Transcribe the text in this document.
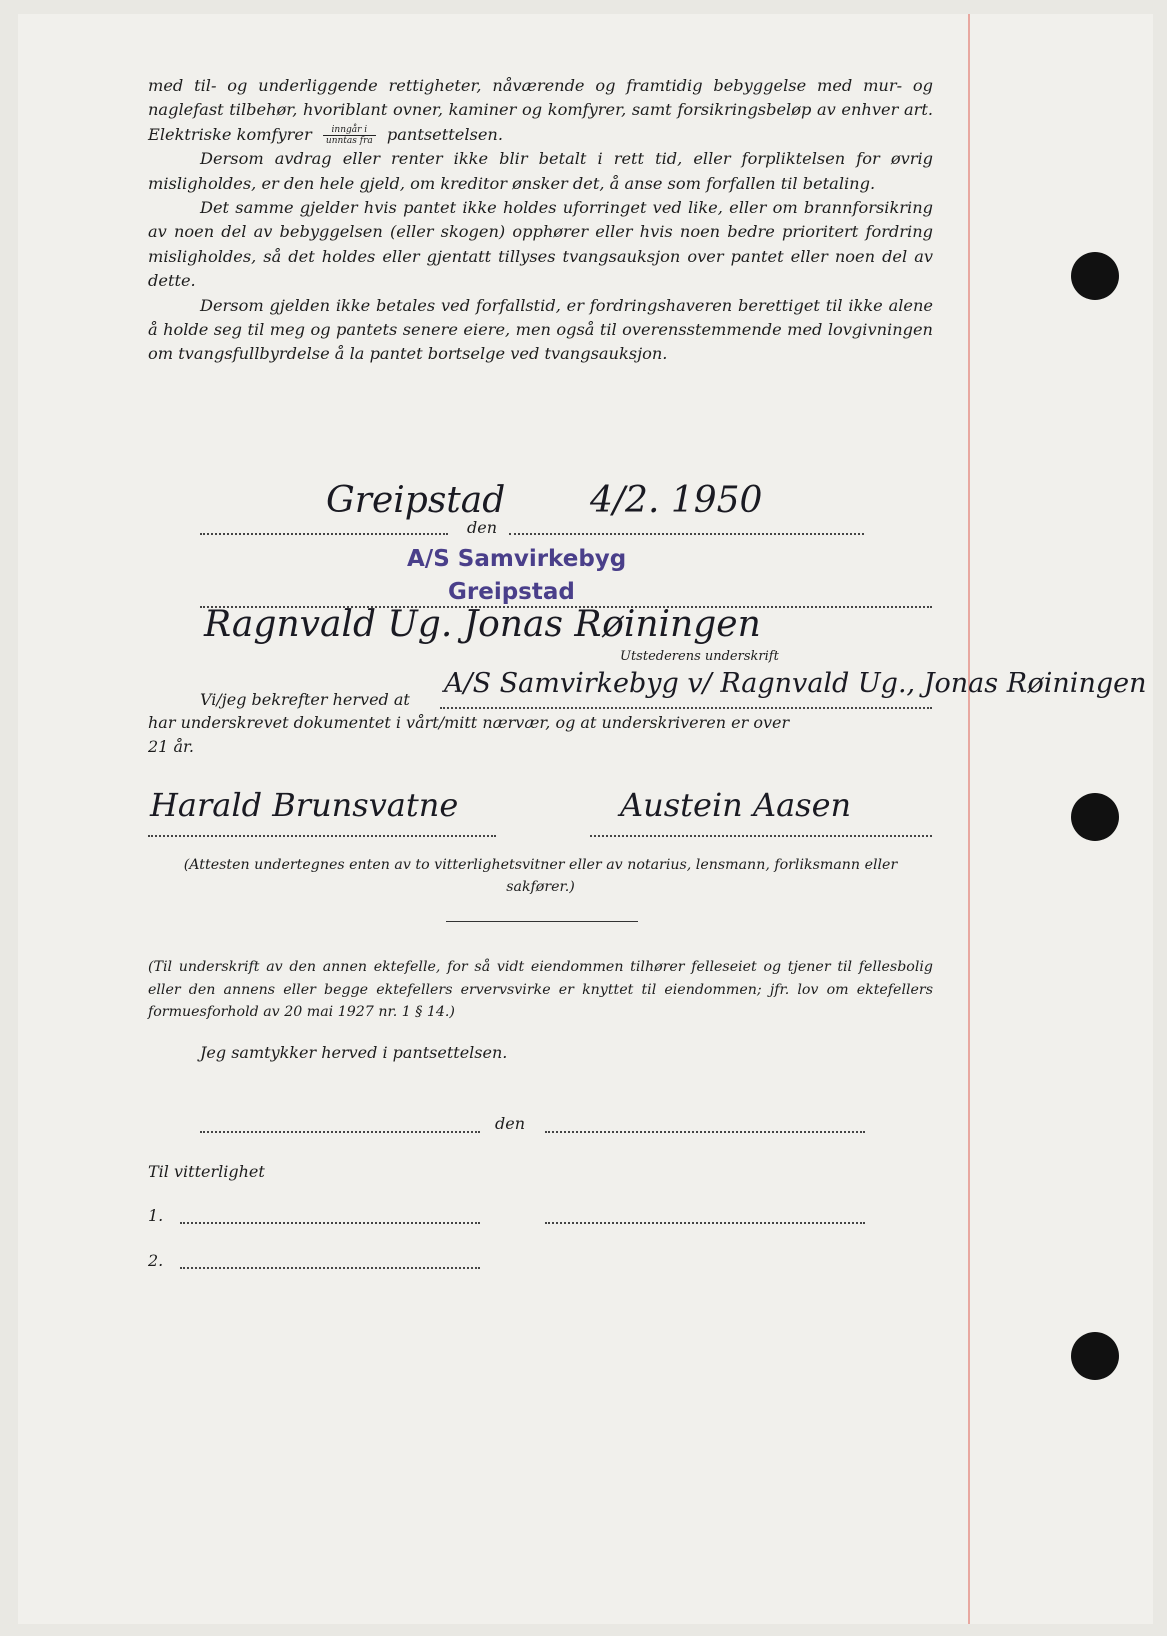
med til- og underliggende rettigheter, nåværende og framtidig bebyggelse med mur- og naglefast tilbehør, hvoriblant ovner, kaminer og komfyrer, samt forsikringsbeløp av enhver art. Elektriske komfyrer $\frac{\text{inngår i}}{\text{unntas fra}}$ pantsettelsen.

Dersom avdrag eller renter ikke blir betalt i rett tid, eller forpliktelsen for øvrig misligholdes, er den hele gjeld, om kreditor ønsker det, å anse som forfallen til betaling.

Det samme gjelder hvis pantet ikke holdes uforringet ved like, eller om brannforsikring av noen del av bebyggelsen (eller skogen) opphører eller hvis noen bedre prioritert fordring misligholdes, så det holdes eller gjentatt tillyses tvangsauksjon over pantet eller noen del av dette.

Dersom gjelden ikke betales ved forfallstid, er fordringshaveren berettiget til ikke alene å holde seg til meg og pantets senere eiere, men også til overensstemmende med lovgivningen om tvangsfullbyrdelse å la pantet bortselge ved tvangsauksjon.

Greipstad
den
4/2. 1950
A/S Samvirkebyg
Greipstad
Ragnvald Ug. Jonas Røiningen
Utstederens underskrift
Vi/jeg bekrefter herved at
A/S Samvirkebyg v/ Ragnvald Ug., Jonas Røiningen
har underskrevet dokumentet i vårt/mitt nærvær, og at underskriveren er over
21 år.
Harald Brunsvatne	Austein Aasen
(Attesten undertegnes enten av to vitterlighetsvitner eller av notarius, lensmann, forliksmann eller sakfører.)
(Til underskrift av den annen ektefelle, for så vidt eiendommen tilhører felleseiet og tjener til fellesbolig eller den annens eller begge ektefellers ervervsvirke er knyttet til eiendommen; jfr. lov om ektefellers formuesforhold av 20 mai 1927 nr. 1 § 14.)
Jeg samtykker herved i pantsettelsen.
den
Til vitterlighet
1.
2.
